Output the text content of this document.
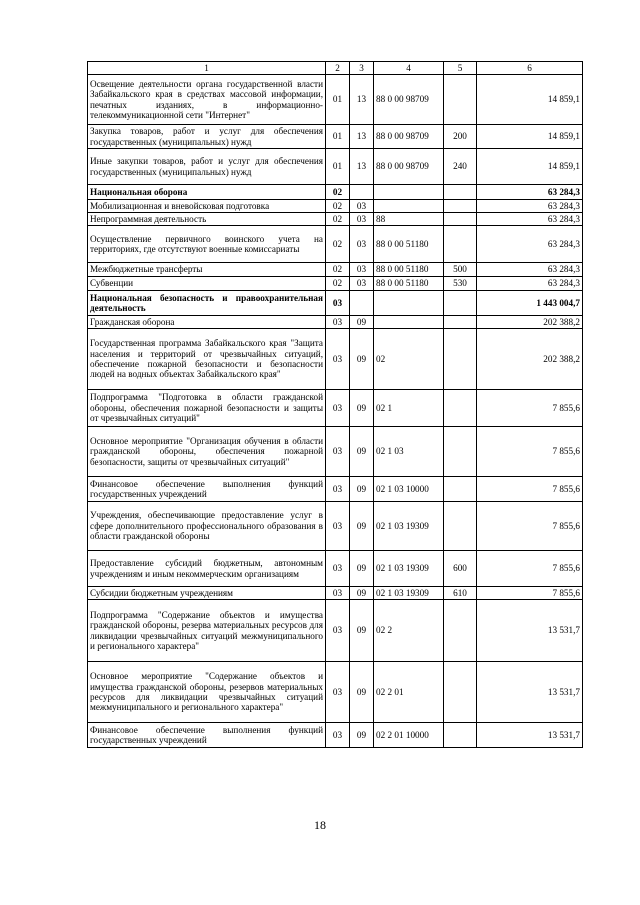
1	2	3	4	5	6
Освещение деятельности органа государственной власти Забайкальского края в средствах массовой информации, печатных изданиях, в информационно-телекоммуникационной сети "Интернет"	01	13	88 0 00 98709		14 859,1
Закупка товаров, работ и услуг для обеспечения государственных (муниципальных) нужд	01	13	88 0 00 98709	200	14 859,1
Иные закупки товаров, работ и услуг для обеспечения государственных (муниципальных) нужд	01	13	88 0 00 98709	240	14 859,1
Национальная оборона	02				63 284,3
Мобилизационная и вневойсковая подготовка	02	03			63 284,3
Непрограммная деятельность	02	03	88		63 284,3
Осуществление первичного воинского учета на территориях, где отсутствуют военные комиссариаты	02	03	88 0 00 51180		63 284,3
Межбюджетные трансферты	02	03	88 0 00 51180	500	63 284,3
Субвенции	02	03	88 0 00 51180	530	63 284,3
Национальная безопасность и правоохранительная деятельность	03				1 443 004,7
Гражданская оборона	03	09			202 388,2
Государственная программа Забайкальского края "Защита населения и территорий от чрезвычайных ситуаций, обеспечение пожарной безопасности и безопасности людей на водных объектах Забайкальского края"	03	09	02		202 388,2
Подпрограмма "Подготовка в области гражданской обороны, обеспечения пожарной безопасности и защиты от чрезвычайных ситуаций"	03	09	02 1		7 855,6
Основное мероприятие "Организация обучения в области гражданской обороны, обеспечения пожарной безопасности, защиты от чрезвычайных ситуаций"	03	09	02 1 03		7 855,6
Финансовое обеспечение выполнения функций государственных учреждений	03	09	02 1 03 10000		7 855,6
Учреждения, обеспечивающие предоставление услуг в сфере дополнительного профессионального образования в области гражданской обороны	03	09	02 1 03 19309		7 855,6
Предоставление субсидий бюджетным, автономным учреждениям и иным некоммерческим организациям	03	09	02 1 03 19309	600	7 855,6
Субсидии бюджетным учреждениям	03	09	02 1 03 19309	610	7 855,6
Подпрограмма "Содержание объектов и имущества гражданской обороны, резерва материальных ресурсов для ликвидации чрезвычайных ситуаций межмуниципального и регионального характера"	03	09	02 2		13 531,7
Основное мероприятие "Содержание объектов и имущества гражданской обороны, резервов материальных ресурсов для ликвидации чрезвычайных ситуаций межмуниципального и регионального характера"	03	09	02 2 01		13 531,7
Финансовое обеспечение выполнения функций государственных учреждений	03	09	02 2 01 10000		13 531,7
18
